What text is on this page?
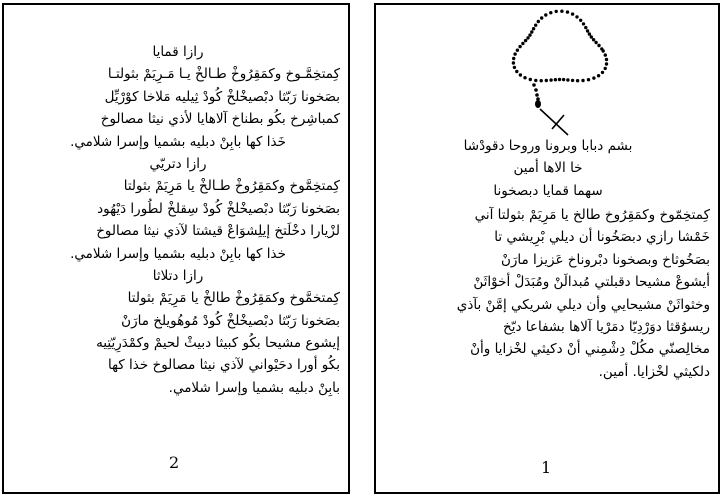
رازا قمايا
كِمتخِمَّـوخ وكمَقِرُوخْ طـالخْ يـا مَـرِيَمْ بثولتـا
بصَخونا رَبّثا دبْصيخْلخْ كُودْ ثِيليه مَلاخا كوْرْيِّل
كمباشِرخ بكُو بطناخ آلاهايا لأذي نيثا مصالوخ
خَذا كها بابِنْ دبليه بشميا وإسرا شلامي.
رازا دتريّي
كِمتخِمَّوخ وكمَقِرُوخْ طـالخْ يا مَرِيَمْ بثولتا
بصَخونا رَبّثا دبْصيخْلخْ كُودْ سِقلخْ لطُورا دَيْهُود
لزْيارا دخْلَتخ إيلِشوَاعْ قيشتا لآذي نيثا مصالوخ
خذا كها بابِنْ دبليه بشميا وإسرا شلامي.
رازا دتلاثا
كِمتخمَّوخ وكمَقِرُوخْ طالخْ يا مَرِيَمْ بثولتا
بصَخونا رَبّثا دبْصيخْلخْ كُودْ مُوهُويلخ مارَنْ
إيشوع مشيحا بكُو كبيثا دبيثْ لحيمْ وكمْدَرِيّتِيه
بكُو أورا دحَيْواني لآذي نيثا مصالوخ خذا كها
بابِنْ دبليه بشميا وإسرا شلامي.
2
بشم دبابا وبرونا وروحا دقودْشا
خا الاها أمين
سهما قمايا دبصخونا
كِمتخِمّوخ وكمَقِرُوخ طالخ يا مَرِيَمْ بثولتا آني
خَمْشا رازي دبصَخُونا أن ديلي بْرِيشي تا
بصَخُوثاخ وبصخونا دبْروناخ عَزيزا مارَنْ
أيشوعْ مشيحا دقبلتي مُبدالَنْ ومُبَدَلْ أخوْاثَنْ
وخثواثَنْ مشيحايي وأن ديلي شريكي إمَّنْ بآذي
ريسوُقثا دوَرْدِيّا دمَرْيا آلاها بشفاعا ديّخ
مخالِصنّي مكُلْ دِشْمِني أنْ دكيثي لخْزايا وأنْ
دلكيثي لخْزايا. أمين.
1
